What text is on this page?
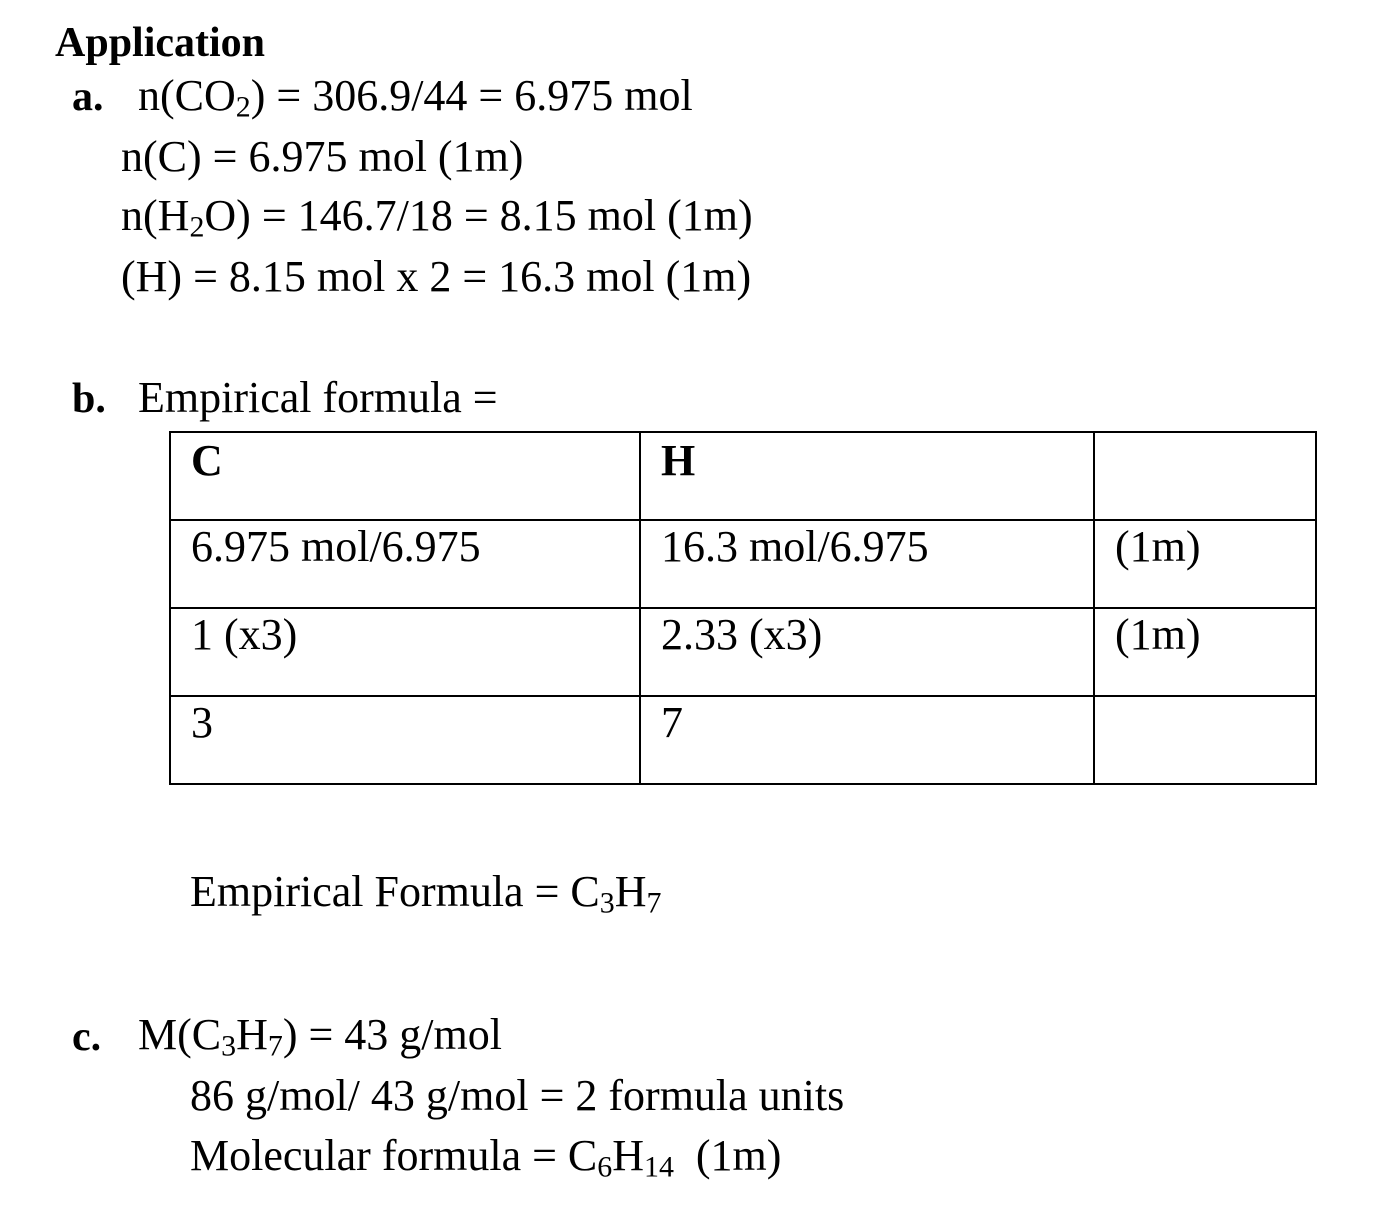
Application
a. $n(CO_2) = 306.9/44 = 6.975$ mol
n(C) = 6.975 mol (1m)
$n(H_2O) = 146.7/18 = 8.15$ mol (1m)
(H) = 8.15 mol x 2 = 16.3 mol (1m)
b. Empirical formula =
C	H	

6.975 mol/6.975	16.3 mol/6.975	(1m)

1 (x3)	2.33 (x3)	(1m)

3	7	

Empirical Formula = $C_3H_7$
c. $M(C_3H_7) = 43$ g/mol
86 g/mol/ 43 g/mol = 2 formula units
Molecular formula = $C_6H_{14}$  (1m)
